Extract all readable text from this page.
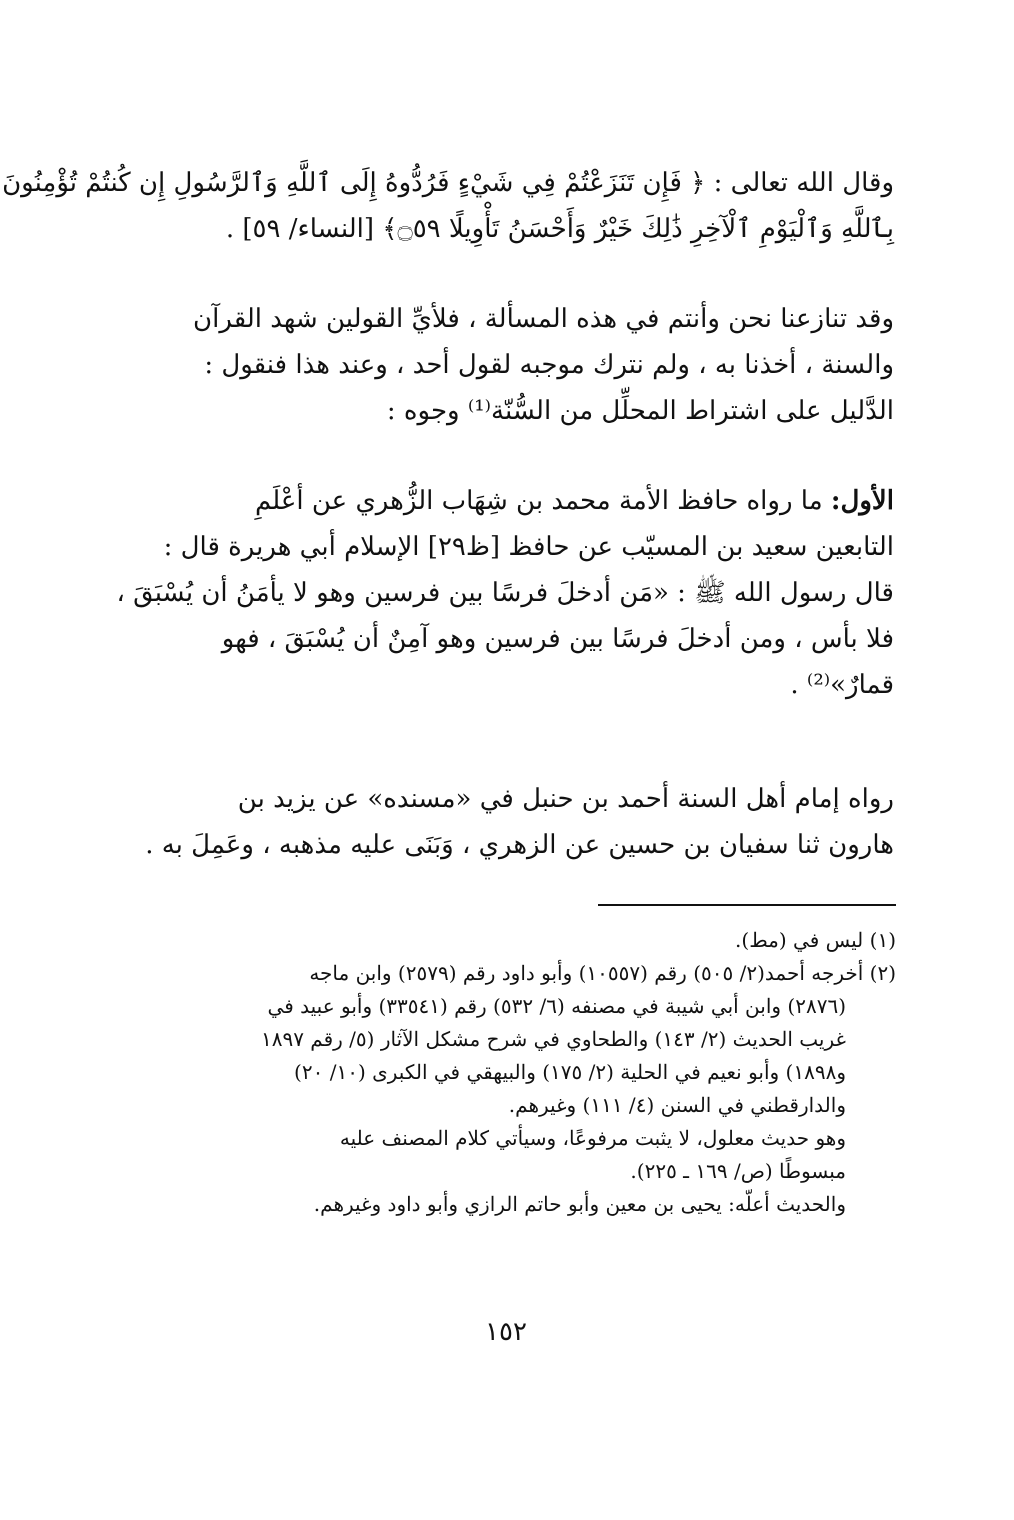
وقال الله تعالى : ﴿ فَإِن تَنَزَعْتُمْ فِي شَيْءٍ فَرُدُّوهُ إِلَى ٱللَّهِ وَٱلرَّسُولِ إِن كُنتُمْ تُؤْمِنُونَ
بِٱللَّهِ وَٱلْيَوْمِ ٱلْآخِرِ ذَٰلِكَ خَيْرٌ وَأَحْسَنُ تَأْوِيلًا ۝٥٩﴾ [النساء/ ٥٩] .
وقد تنازعنا نحن وأنتم في هذه المسألة ، فلأيِّ القولين شهد القرآن
والسنة ، أخذنا به ، ولم نترك موجبه لقول أحد ، وعند هذا فنقول :
الدَّليل على اشتراط المحلِّل من السُّنّة⁽¹⁾ وجوه :
الأول: ما رواه حافظ الأمة محمد بن شِهَاب الزُّهري عن أعْلَمِ
التابعين سعيد بن المسيّب عن حافظ [ظ٢٩] الإسلام أبي هريرة قال :
قال رسول الله ﷺ : «مَن أدخلَ فرسًا بين فرسين وهو لا يأمَنُ أن يُسْبَقَ ،
فلا بأس ، ومن أدخلَ فرسًا بين فرسين وهو آمِنٌ أن يُسْبَقَ ، فهو
قمارٌ»⁽²⁾ .
رواه إمام أهل السنة أحمد بن حنبل في «مسنده» عن يزيد بن
هارون ثنا سفيان بن حسين عن الزهري ، وَبَنَى عليه مذهبه ، وعَمِلَ به .
(١) ليس في (مط).
(٢) أخرجه أحمد(٢/ ٥٠٥) رقم (١٠٥٥٧) وأبو داود رقم (٢٥٧٩) وابن ماجه
(٢٨٧٦) وابن أبي شيبة في مصنفه (٦/ ٥٣٢) رقم (٣٣٥٤١) وأبو عبيد في
غريب الحديث (٢/ ١٤٣) والطحاوي في شرح مشكل الآثار (٥/ رقم ١٨٩٧
و١٨٩٨) وأبو نعيم في الحلية (٢/ ١٧٥) والبيهقي في الكبرى (١٠/ ٢٠)
والدارقطني في السنن (٤/ ١١١) وغيرهم.
وهو حديث معلول، لا يثبت مرفوعًا، وسيأتي كلام المصنف عليه
مبسوطًا (ص/ ١٦٩ ـ ٢٢٥).
والحديث أعلّه: يحيى بن معين وأبو حاتم الرازي وأبو داود وغيرهم.
١٥٢
